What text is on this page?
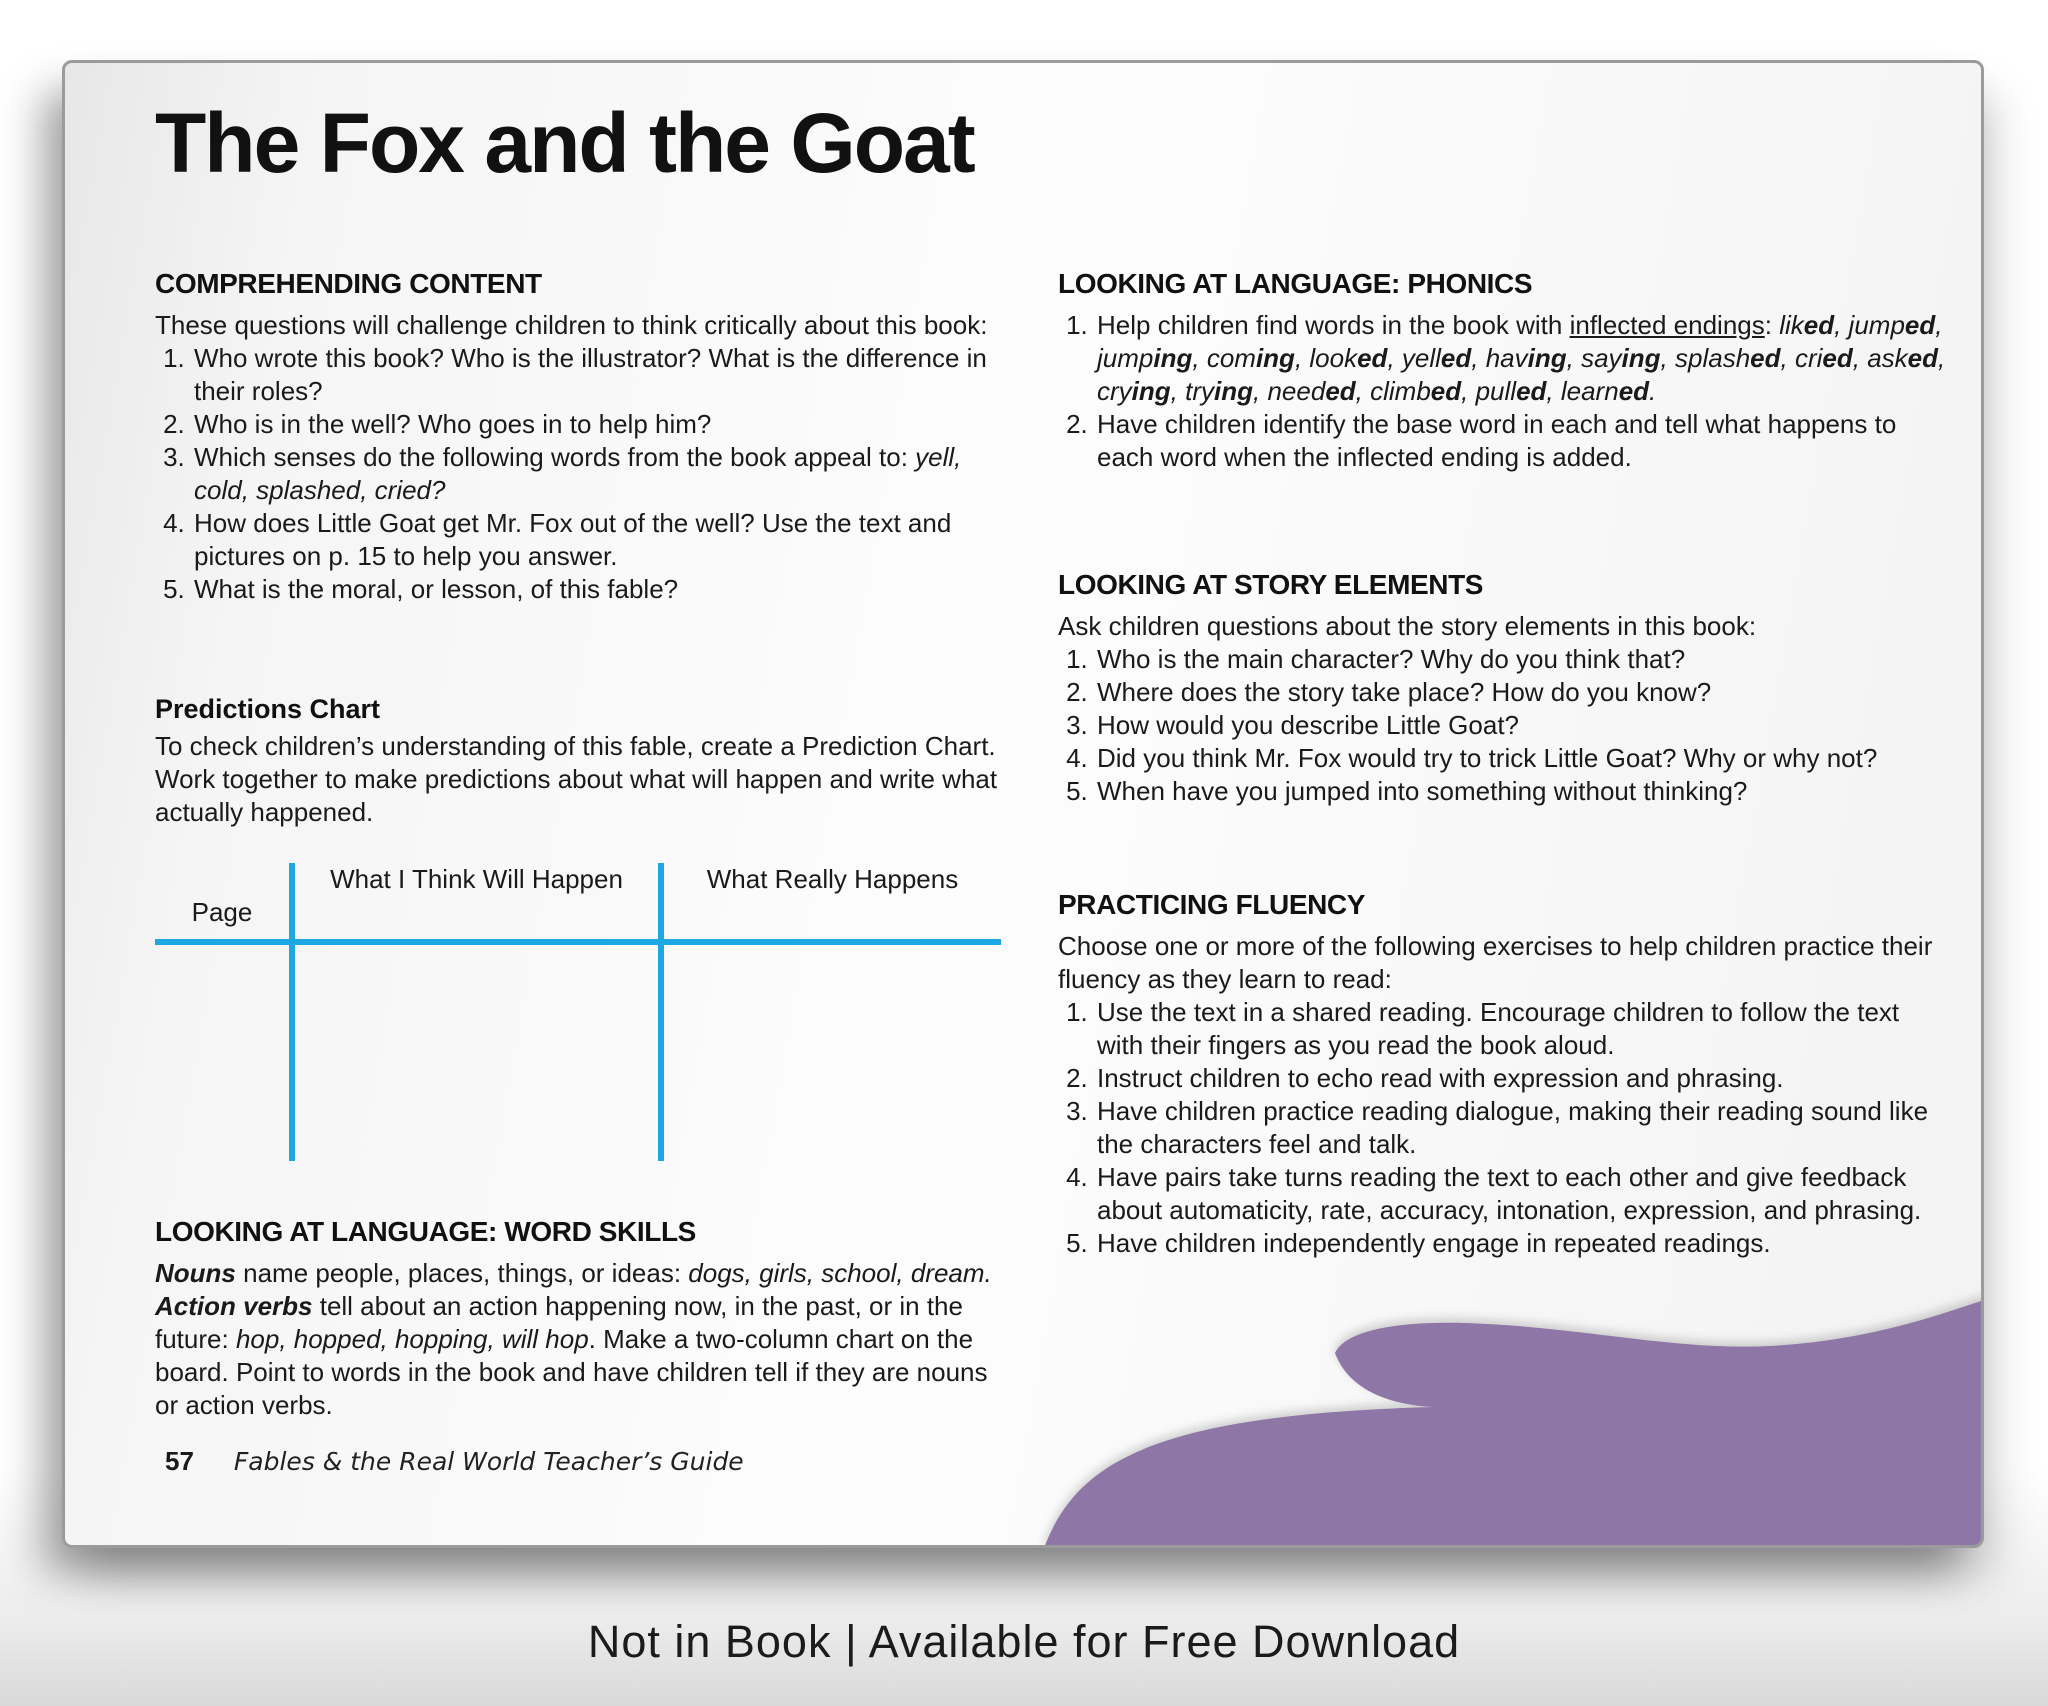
The Fox and the Goat
COMPREHENDING CONTENT

These questions will challenge children to think critically about this book:

1. Who wrote this book? Who is the illustrator? What is the difference in their roles?
2. Who is in the well? Who goes in to help him?
3. Which senses do the following words from the book appeal to: yell, cold, splashed, cried?
4. How does Little Goat get Mr. Fox out of the well? Use the text and pictures on p. 15 to help you answer.
5. What is the moral, or lesson, of this fable?
Predictions Chart

To check children’s understanding of this fable, create a Prediction Chart. Work together to make predictions about what will happen and write what actually happened.

Page
What I Think Will Happen	What Really Happens
LOOKING AT LANGUAGE: WORD SKILLS

Nouns name people, places, things, or ideas: dogs, girls, school, dream. Action verbs tell about an action happening now, in the past, or in the future: hop, hopped, hopping, will hop. Make a two-column chart on the board. Point to words in the book and have children tell if they are nouns or action verbs.

57 Fables & the Real World Teacher’s Guide
LOOKING AT LANGUAGE: PHONICS
1. Help children find words in the book with inflected endings: liked, jumped, jumping, coming, looked, yelled, having, saying, splashed, cried, asked, crying, trying, needed, climbed, pulled, learned.
2. Have children identify the base word in each and tell what happens to each word when the inflected ending is added.
LOOKING AT STORY ELEMENTS

Ask children questions about the story elements in this book:

1. Who is the main character? Why do you think that?
2. Where does the story take place? How do you know?
3. How would you describe Little Goat?
4. Did you think Mr. Fox would try to trick Little Goat? Why or why not?
5. When have you jumped into something without thinking?
PRACTICING FLUENCY

Choose one or more of the following exercises to help children practice their fluency as they learn to read:

1. Use the text in a shared reading. Encourage children to follow the text with their fingers as you read the book aloud.
2. Instruct children to echo read with expression and phrasing.
3. Have children practice reading dialogue, making their reading sound like the characters feel and talk.
4. Have pairs take turns reading the text to each other and give feedback about automaticity, rate, accuracy, intonation, expression, and phrasing.
5. Have children independently engage in repeated readings.
Not in Book | Available for Free Download
